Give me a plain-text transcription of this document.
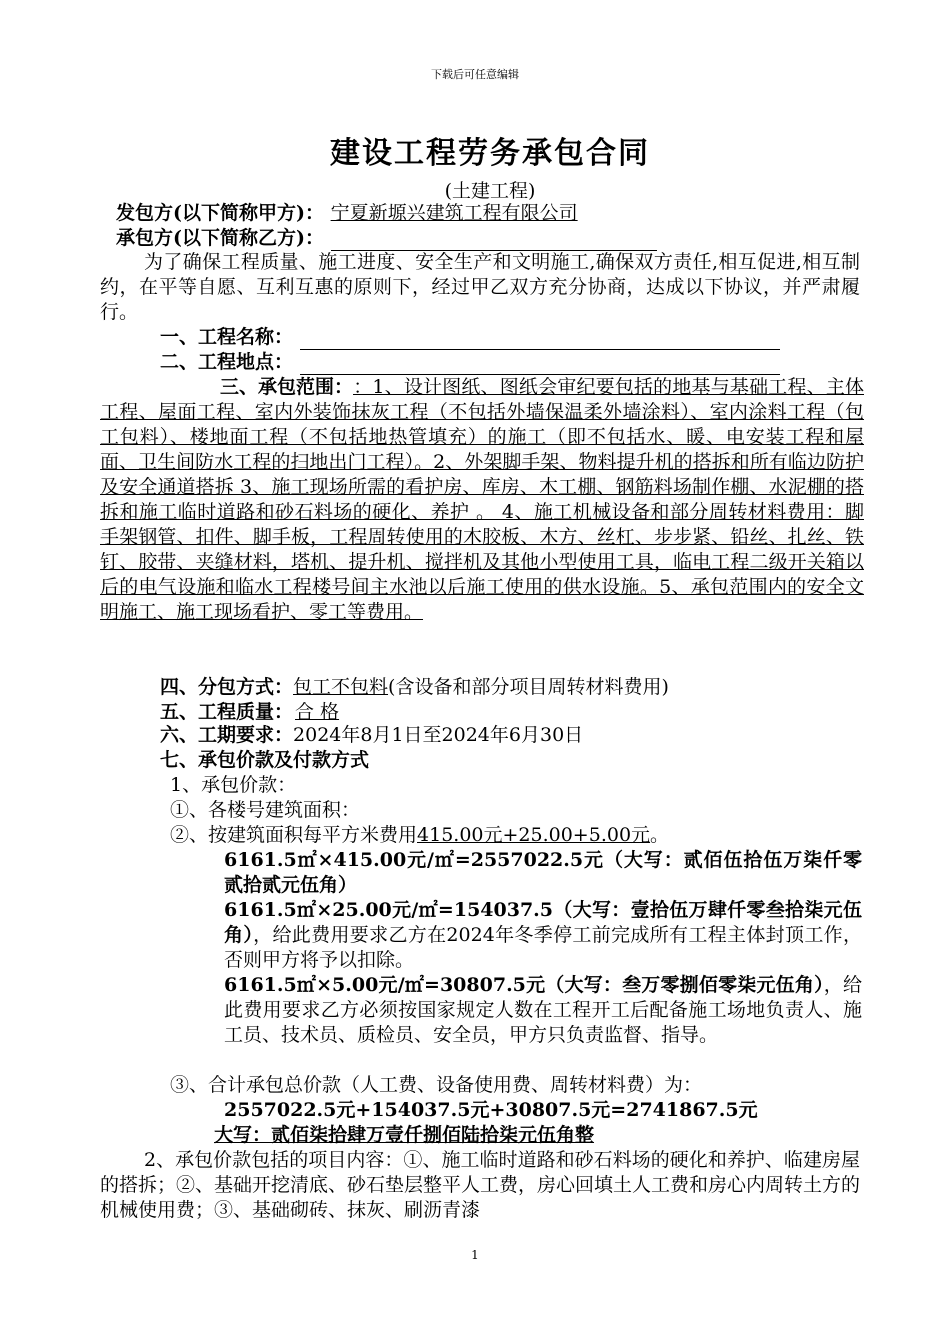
下载后可任意编辑
建设工程劳务承包合同
(土建工程)
发包方(以下简称甲方)： 宁夏新塬兴建筑工程有限公司
承包方(以下简称乙方)：
为了确保工程质量、施工进度、安全生产和文明施工,确保双方责任,相互促进,相互制约，在平等自愿、互利互惠的原则下，经过甲乙双方充分协商，达成以下协议，并严肃履行。
一、工程名称：
二、工程地点：
三、承包范围：：1、设计图纸、图纸会审纪要包括的地基与基础工程、主体工程、屋面工程、室内外装饰抹灰工程（不包括外墙保温柔外墙涂料）、室内涂料工程（包工包料）、楼地面工程（不包括地热管填充）的施工（即不包括水、暖、电安装工程和屋面、卫生间防水工程的扫地出门工程）。2、外架脚手架、物料提升机的搭拆和所有临边防护及安全通道搭拆 3、施工现场所需的看护房、库房、木工棚、钢筋料场制作棚、水泥棚的搭拆和施工临时道路和砂石料场的硬化、养护 。 4、施工机械设备和部分周转材料费用：脚手架钢管、扣件、脚手板，工程周转使用的木胶板、木方、丝杠、步步紧、铅丝、扎丝、铁钉、胶带、夹缝材料，塔机、提升机、搅拌机及其他小型使用工具，临电工程二级开关箱以后的电气设施和临水工程楼号间主水池以后施工使用的供水设施。5、承包范围内的安全文明施工、施工现场看护、零工等费用。
四、分包方式：包工不包料(含设备和部分项目周转材料费用)
五、工程质量： 合 格
六、工期要求：2024年8月1日至2024年6月30日
七、承包价款及付款方式
1、承包价款：
①、各楼号建筑面积：
②、按建筑面积每平方米费用415.00元+25.00+5.00元。
6161.5㎡×415.00元/㎡=2557022.5元（大写：贰佰伍拾伍万柒仟零贰拾贰元伍角）
6161.5㎡×25.00元/㎡=154037.5（大写：壹拾伍万肆仟零叁拾柒元伍角），给此费用要求乙方在2024年冬季停工前完成所有工程主体封顶工作，否则甲方将予以扣除。
6161.5㎡×5.00元/㎡=30807.5元（大写：叁万零捌佰零柒元伍角），给此费用要求乙方必须按国家规定人数在工程开工后配备施工场地负责人、施工员、技术员、质检员、安全员，甲方只负责监督、指导。
③、合计承包总价款（人工费、设备使用费、周转材料费）为：
2557022.5元+154037.5元+30807.5元=2741867.5元
大写：贰佰柒拾肆万壹仟捌佰陆拾柒元伍角整
2、承包价款包括的项目内容：①、施工临时道路和砂石料场的硬化和养护、临建房屋的搭拆；②、基础开挖清底、砂石垫层整平人工费，房心回填土人工费和房心内周转土方的机械使用费；③、基础砌砖、抹灰、刷沥青漆
1
